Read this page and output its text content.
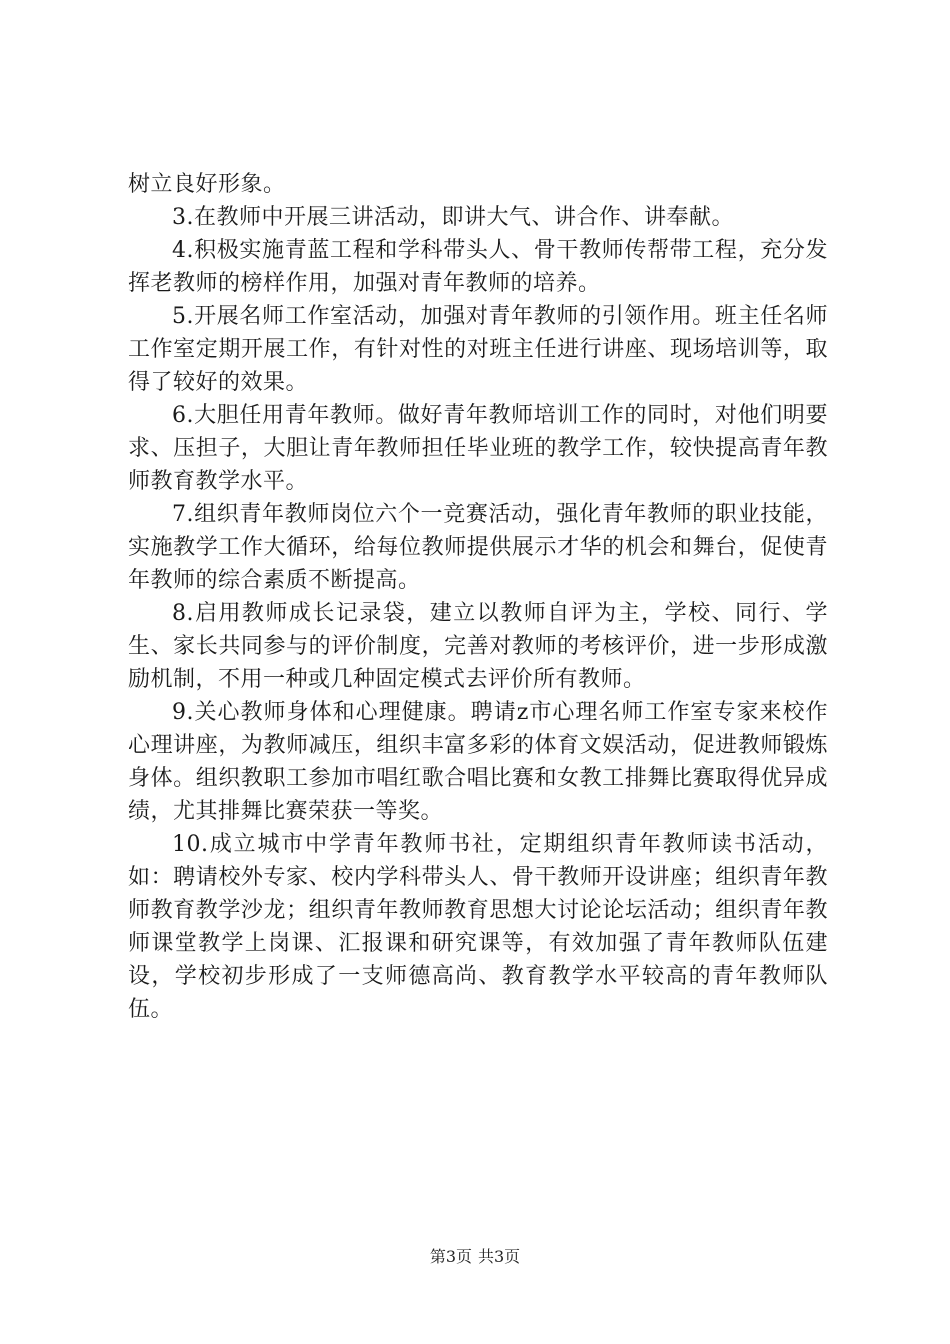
树立良好形象。

3.在教师中开展三讲活动，即讲大气、讲合作、讲奉献。

4.积极实施青蓝工程和学科带头人、骨干教师传帮带工程，充分发挥老教师的榜样作用，加强对青年教师的培养。

5.开展名师工作室活动，加强对青年教师的引领作用。班主任名师工作室定期开展工作，有针对性的对班主任进行讲座、现场培训等，取得了较好的效果。

6.大胆任用青年教师。做好青年教师培训工作的同时，对他们明要求、压担子，大胆让青年教师担任毕业班的教学工作，较快提高青年教师教育教学水平。

7.组织青年教师岗位六个一竞赛活动，强化青年教师的职业技能，实施教学工作大循环，给每位教师提供展示才华的机会和舞台，促使青年教师的综合素质不断提高。

8.启用教师成长记录袋，建立以教师自评为主，学校、同行、学生、家长共同参与的评价制度，完善对教师的考核评价，进一步形成激励机制，不用一种或几种固定模式去评价所有教师。

9.关心教师身体和心理健康。聘请z市心理名师工作室专家来校作心理讲座，为教师减压，组织丰富多彩的体育文娱活动，促进教师锻炼身体。组织教职工参加市唱红歌合唱比赛和女教工排舞比赛取得优异成绩，尤其排舞比赛荣获一等奖。

10.成立城市中学青年教师书社，定期组织青年教师读书活动，如：聘请校外专家、校内学科带头人、骨干教师开设讲座；组织青年教师教育教学沙龙；组织青年教师教育思想大讨论论坛活动；组织青年教师课堂教学上岗课、汇报课和研究课等，有效加强了青年教师队伍建设，学校初步形成了一支师德高尚、教育教学水平较高的青年教师队伍。

第3页 共3页
